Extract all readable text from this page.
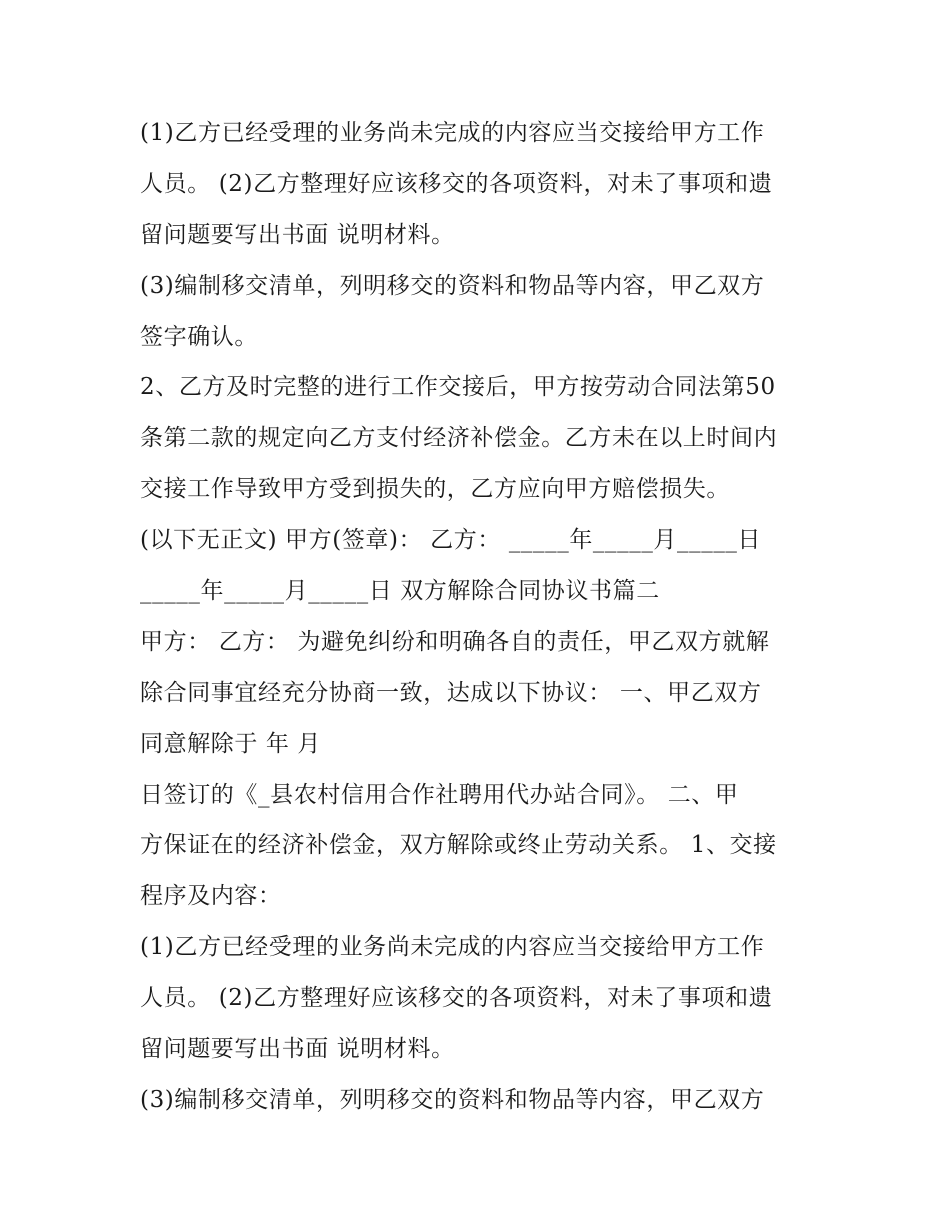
(1)乙方已经受理的业务尚未完成的内容应当交接给甲方工作
人员。 (2)乙方整理好应该移交的各项资料，对未了事项和遗
留问题要写出书面 说明材料。
(3)编制移交清单，列明移交的资料和物品等内容，甲乙双方
签字确认。
2、乙方及时完整的进行工作交接后，甲方按劳动合同法第50
条第二款的规定向乙方支付经济补偿金。乙方未在以上时间内
交接工作导致甲方受到损失的，乙方应向甲方赔偿损失。
(以下无正文) 甲方(签章)： 乙方： _____年_____月_____日
_____年_____月_____日 双方解除合同协议书篇二
甲方： 乙方： 为避免纠纷和明确各自的责任，甲乙双方就解
除合同事宜经充分协商一致，达成以下协议： 一、甲乙双方
同意解除于 年 月
日签订的《_县农村信用合作社聘用代办站合同》。 二、甲
方保证在的经济补偿金，双方解除或终止劳动关系。 1、交接
程序及内容：
(1)乙方已经受理的业务尚未完成的内容应当交接给甲方工作
人员。 (2)乙方整理好应该移交的各项资料，对未了事项和遗
留问题要写出书面 说明材料。
(3)编制移交清单，列明移交的资料和物品等内容，甲乙双方
